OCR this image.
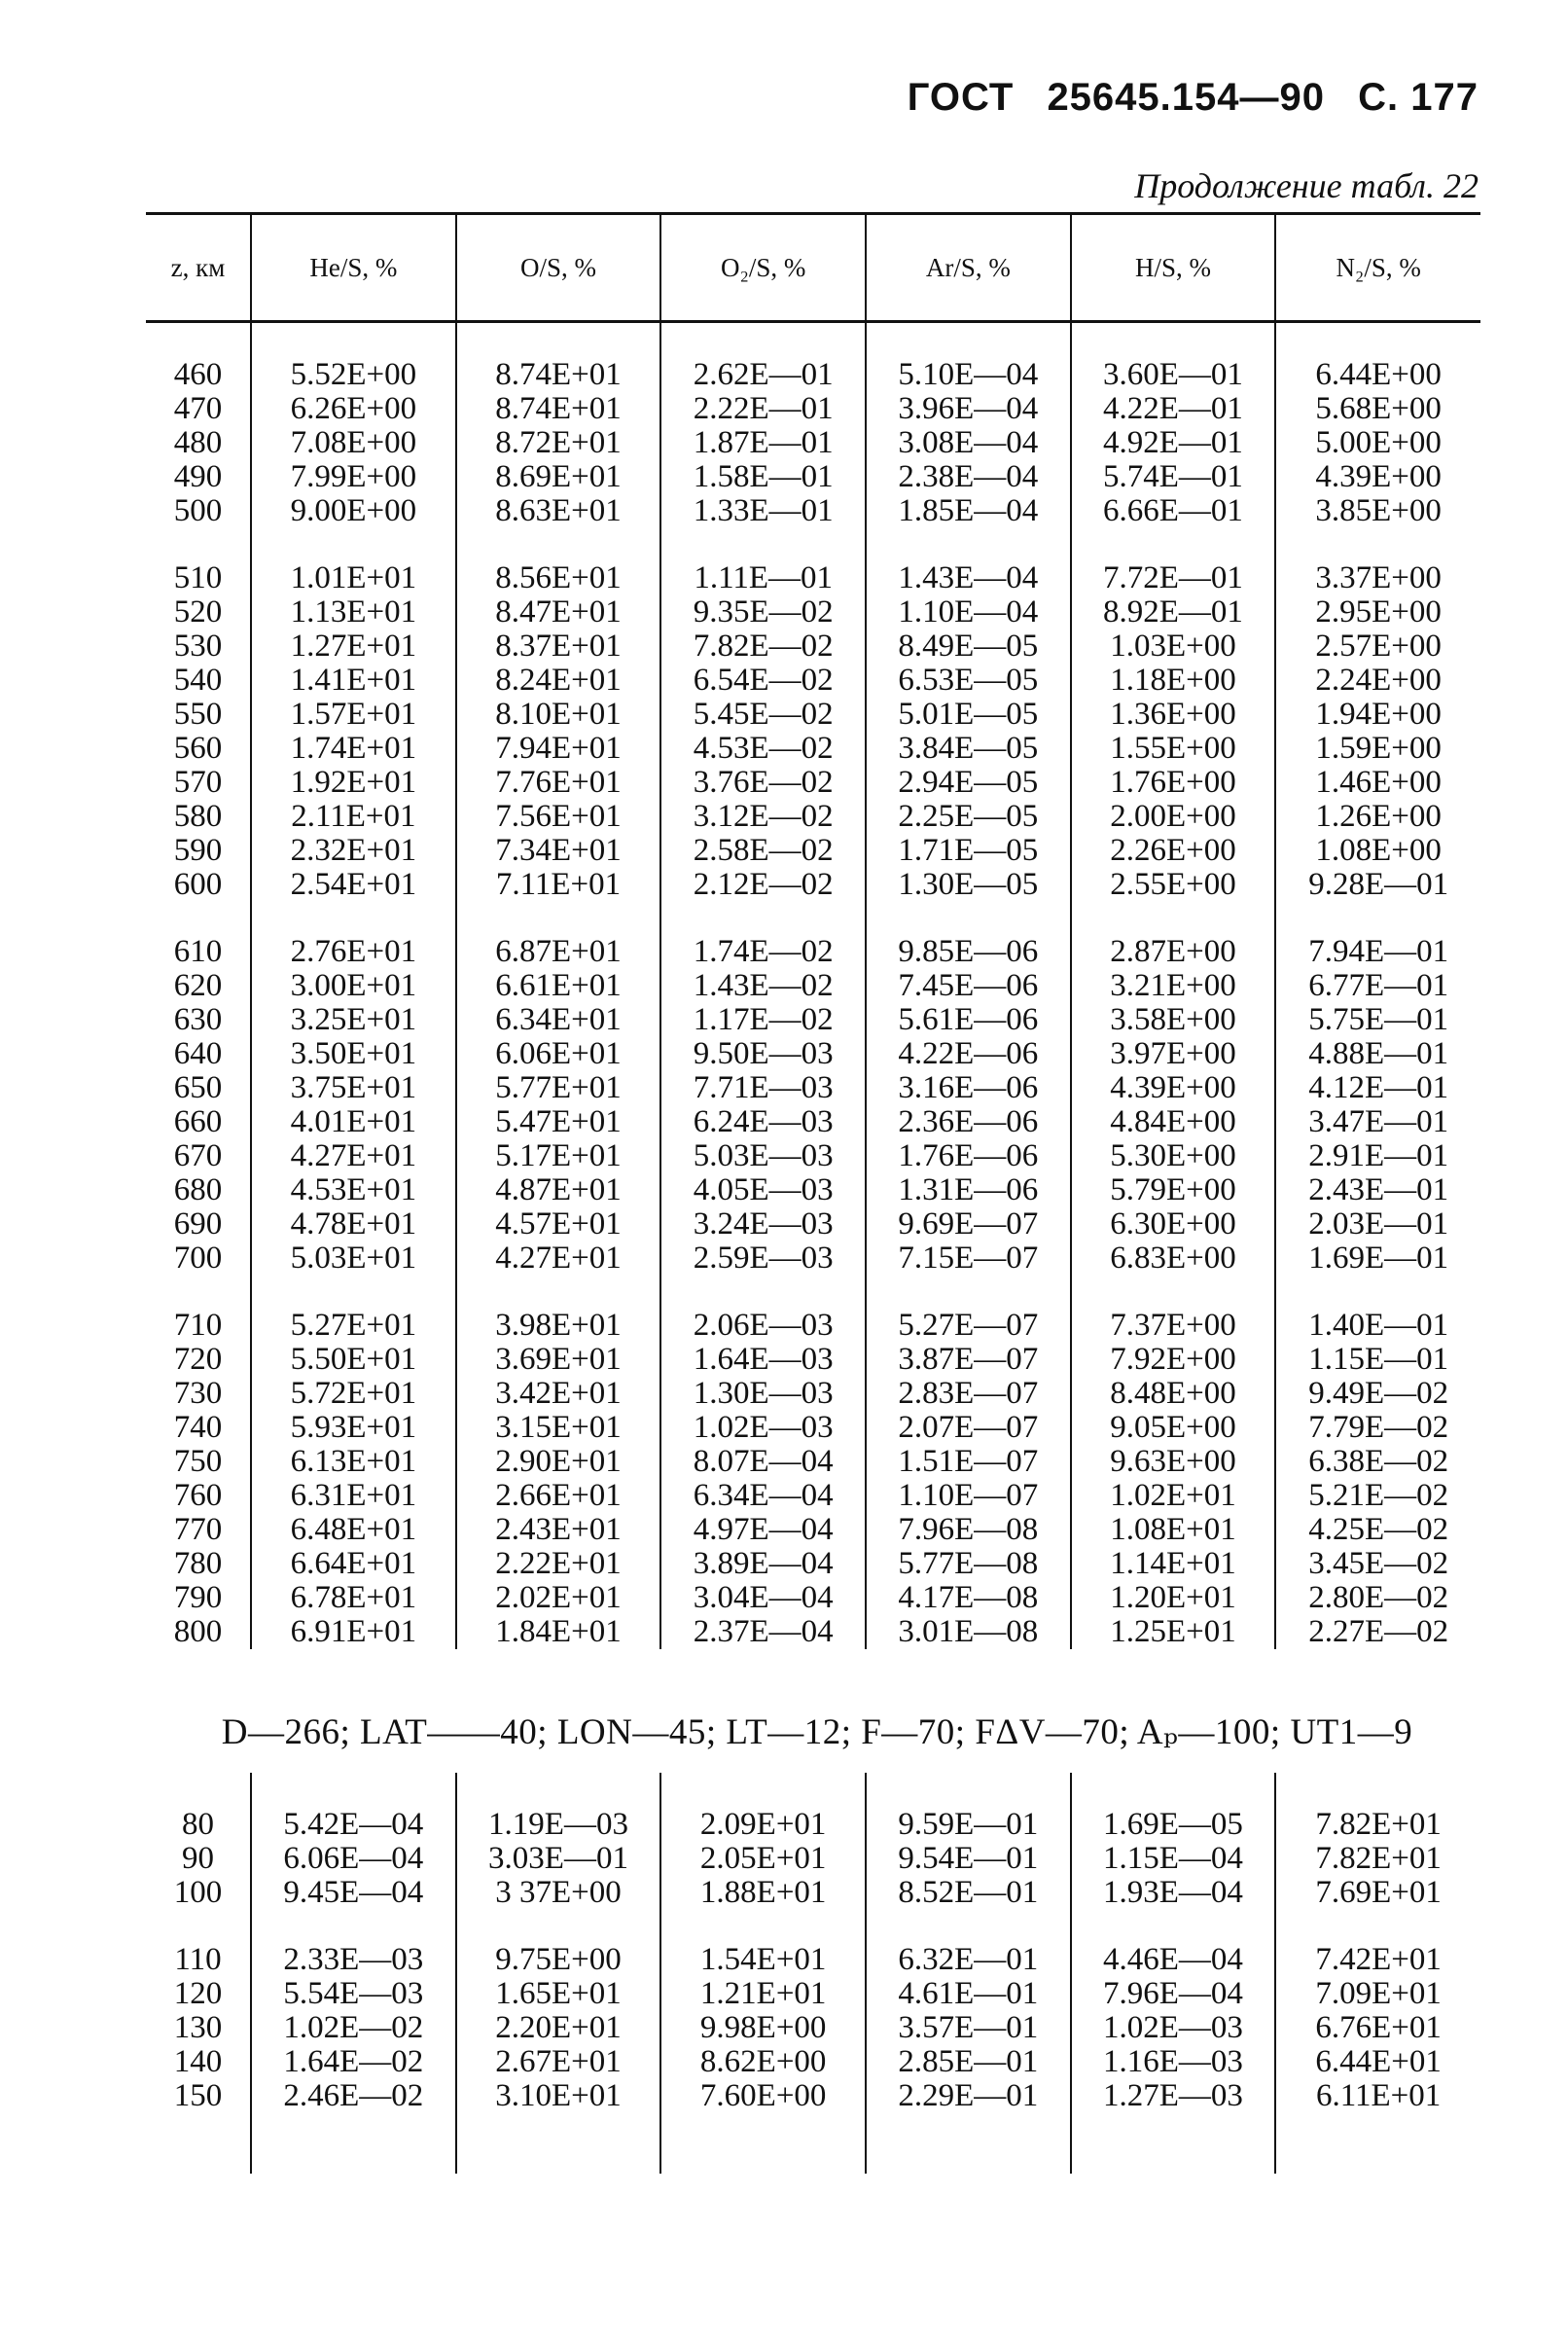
ГОСТ 25645.154—90 С. 177
Продолжение табл. 22
z, км	He/S, %	O/S, %	O₂/S, %	Ar/S, %	H/S, %	N₂/S, %
460	5.52E+00	8.74E+01	2.62E—01	5.10E—04	3.60E—01	6.44E+00
470	6.26E+00	8.74E+01	2.22E—01	3.96E—04	4.22E—01	5.68E+00
480	7.08E+00	8.72E+01	1.87E—01	3.08E—04	4.92E—01	5.00E+00
490	7.99E+00	8.69E+01	1.58E—01	2.38E—04	5.74E—01	4.39E+00
500	9.00E+00	8.63E+01	1.33E—01	1.85E—04	6.66E—01	3.85E+00
510	1.01E+01	8.56E+01	1.11E—01	1.43E—04	7.72E—01	3.37E+00
520	1.13E+01	8.47E+01	9.35E—02	1.10E—04	8.92E—01	2.95E+00
530	1.27E+01	8.37E+01	7.82E—02	8.49E—05	1.03E+00	2.57E+00
540	1.41E+01	8.24E+01	6.54E—02	6.53E—05	1.18E+00	2.24E+00
550	1.57E+01	8.10E+01	5.45E—02	5.01E—05	1.36E+00	1.94E+00
560	1.74E+01	7.94E+01	4.53E—02	3.84E—05	1.55E+00	1.59E+00
570	1.92E+01	7.76E+01	3.76E—02	2.94E—05	1.76E+00	1.46E+00
580	2.11E+01	7.56E+01	3.12E—02	2.25E—05	2.00E+00	1.26E+00
590	2.32E+01	7.34E+01	2.58E—02	1.71E—05	2.26E+00	1.08E+00
600	2.54E+01	7.11E+01	2.12E—02	1.30E—05	2.55E+00	9.28E—01
610	2.76E+01	6.87E+01	1.74E—02	9.85E—06	2.87E+00	7.94E—01
620	3.00E+01	6.61E+01	1.43E—02	7.45E—06	3.21E+00	6.77E—01
630	3.25E+01	6.34E+01	1.17E—02	5.61E—06	3.58E+00	5.75E—01
640	3.50E+01	6.06E+01	9.50E—03	4.22E—06	3.97E+00	4.88E—01
650	3.75E+01	5.77E+01	7.71E—03	3.16E—06	4.39E+00	4.12E—01
660	4.01E+01	5.47E+01	6.24E—03	2.36E—06	4.84E+00	3.47E—01
670	4.27E+01	5.17E+01	5.03E—03	1.76E—06	5.30E+00	2.91E—01
680	4.53E+01	4.87E+01	4.05E—03	1.31E—06	5.79E+00	2.43E—01
690	4.78E+01	4.57E+01	3.24E—03	9.69E—07	6.30E+00	2.03E—01
700	5.03E+01	4.27E+01	2.59E—03	7.15E—07	6.83E+00	1.69E—01
710	5.27E+01	3.98E+01	2.06E—03	5.27E—07	7.37E+00	1.40E—01
720	5.50E+01	3.69E+01	1.64E—03	3.87E—07	7.92E+00	1.15E—01
730	5.72E+01	3.42E+01	1.30E—03	2.83E—07	8.48E+00	9.49E—02
740	5.93E+01	3.15E+01	1.02E—03	2.07E—07	9.05E+00	7.79E—02
750	6.13E+01	2.90E+01	8.07E—04	1.51E—07	9.63E+00	6.38E—02
760	6.31E+01	2.66E+01	6.34E—04	1.10E—07	1.02E+01	5.21E—02
770	6.48E+01	2.43E+01	4.97E—04	7.96E—08	1.08E+01	4.25E—02
780	6.64E+01	2.22E+01	3.89E—04	5.77E—08	1.14E+01	3.45E—02
790	6.78E+01	2.02E+01	3.04E—04	4.17E—08	1.20E+01	2.80E—02
800	6.91E+01	1.84E+01	2.37E—04	3.01E—08	1.25E+01	2.27E—02
D—266; LAT——40; LON—45; LT—12; F—70; FΔV—70; Aₚ—100; UT1—9
80	5.42E—04	1.19E—03	2.09E+01	9.59E—01	1.69E—05	7.82E+01
90	6.06E—04	3.03E—01	2.05E+01	9.54E—01	1.15E—04	7.82E+01
100	9.45E—04	3 37E+00	1.88E+01	8.52E—01	1.93E—04	7.69E+01
110	2.33E—03	9.75E+00	1.54E+01	6.32E—01	4.46E—04	7.42E+01
120	5.54E—03	1.65E+01	1.21E+01	4.61E—01	7.96E—04	7.09E+01
130	1.02E—02	2.20E+01	9.98E+00	3.57E—01	1.02E—03	6.76E+01
140	1.64E—02	2.67E+01	8.62E+00	2.85E—01	1.16E—03	6.44E+01
150	2.46E—02	3.10E+01	7.60E+00	2.29E—01	1.27E—03	6.11E+01
